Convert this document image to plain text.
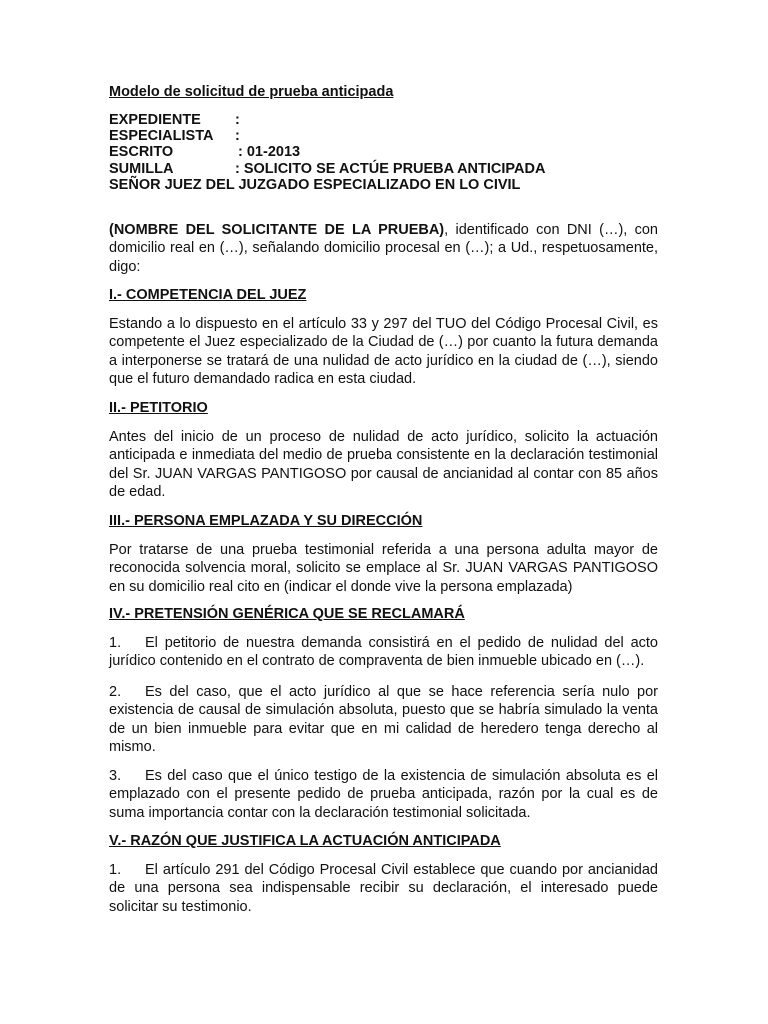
Modelo de solicitud de prueba anticipada
EXPEDIENTE :
ESPECIALISTA :
ESCRITO	: 01-2013
SUMILLA	: SOLICITO SE ACTÚE PRUEBA ANTICIPADA
SEÑOR JUEZ DEL JUZGADO ESPECIALIZADO EN LO CIVIL
(NOMBRE DEL SOLICITANTE DE LA PRUEBA), identificado con DNI (…), con domicilio real en (…), señalando domicilio procesal en (…); a Ud., respetuosamente, digo:
I.- COMPETENCIA DEL JUEZ
Estando a lo dispuesto en el artículo 33 y 297 del TUO del Código Procesal Civil, es competente el Juez especializado de la Ciudad de (…) por cuanto la futura demanda a interponerse se tratará de una nulidad de acto jurídico en la ciudad de (…), siendo que el futuro demandado radica en esta ciudad.
II.- PETITORIO
Antes del inicio de un proceso de nulidad de acto jurídico, solicito la actuación anticipada e inmediata del medio de prueba consistente en la declaración testimonial del Sr. JUAN VARGAS PANTIGOSO por causal de ancianidad al contar con 85 años de edad.
III.- PERSONA EMPLAZADA Y SU DIRECCIÓN
Por tratarse de una prueba testimonial referida a una persona adulta mayor de reconocida solvencia moral, solicito se emplace al Sr. JUAN VARGAS PANTIGOSO en su domicilio real cito en (indicar el donde vive la persona emplazada)
IV.- PRETENSIÓN GENÉRICA QUE SE RECLAMARÁ
1. El petitorio de nuestra demanda consistirá en el pedido de nulidad del acto jurídico contenido en el contrato de compraventa de bien inmueble ubicado en (…).
2. Es del caso, que el acto jurídico al que se hace referencia sería nulo por existencia de causal de simulación absoluta, puesto que se habría simulado la venta de un bien inmueble para evitar que en mi calidad de heredero tenga derecho al mismo.
3. Es del caso que el único testigo de la existencia de simulación absoluta es el emplazado con el presente pedido de prueba anticipada, razón por la cual es de suma importancia contar con la declaración testimonial solicitada.
V.- RAZÓN QUE JUSTIFICA LA ACTUACIÓN ANTICIPADA
1. El artículo 291 del Código Procesal Civil establece que cuando por ancianidad de una persona sea indispensable recibir su declaración, el interesado puede solicitar su testimonio.
